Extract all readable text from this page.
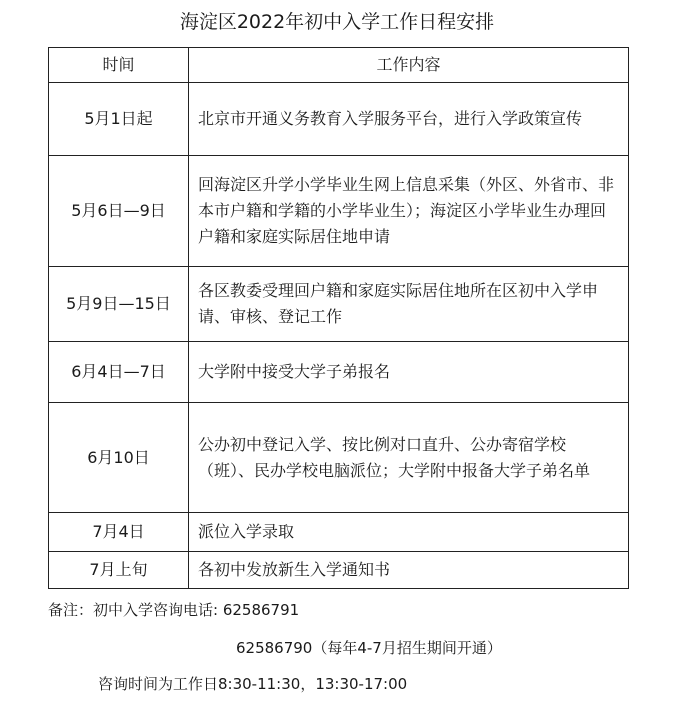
海淀区2022年初中入学工作日程安排
时间	工作内容
5月1日起	北京市开通义务教育入学服务平台，进行入学政策宣传
5月6日—9日	回海淀区升学小学毕业生网上信息采集（外区、外省市、非本市户籍和学籍的小学毕业生）；海淀区小学毕业生办理回户籍和家庭实际居住地申请
5月9日—15日	各区教委受理回户籍和家庭实际居住地所在区初中入学申请、审核、登记工作
6月4日—7日	大学附中接受大学子弟报名
6月10日	公办初中登记入学、按比例对口直升、公办寄宿学校（班）、民办学校电脑派位；大学附中报备大学子弟名单
7月4日	派位入学录取
7月上旬	各初中发放新生入学通知书
备注：初中入学咨询电话: 62586791
62586790（每年4-7月招生期间开通）
咨询时间为工作日8:30-11:30，13:30-17:00
